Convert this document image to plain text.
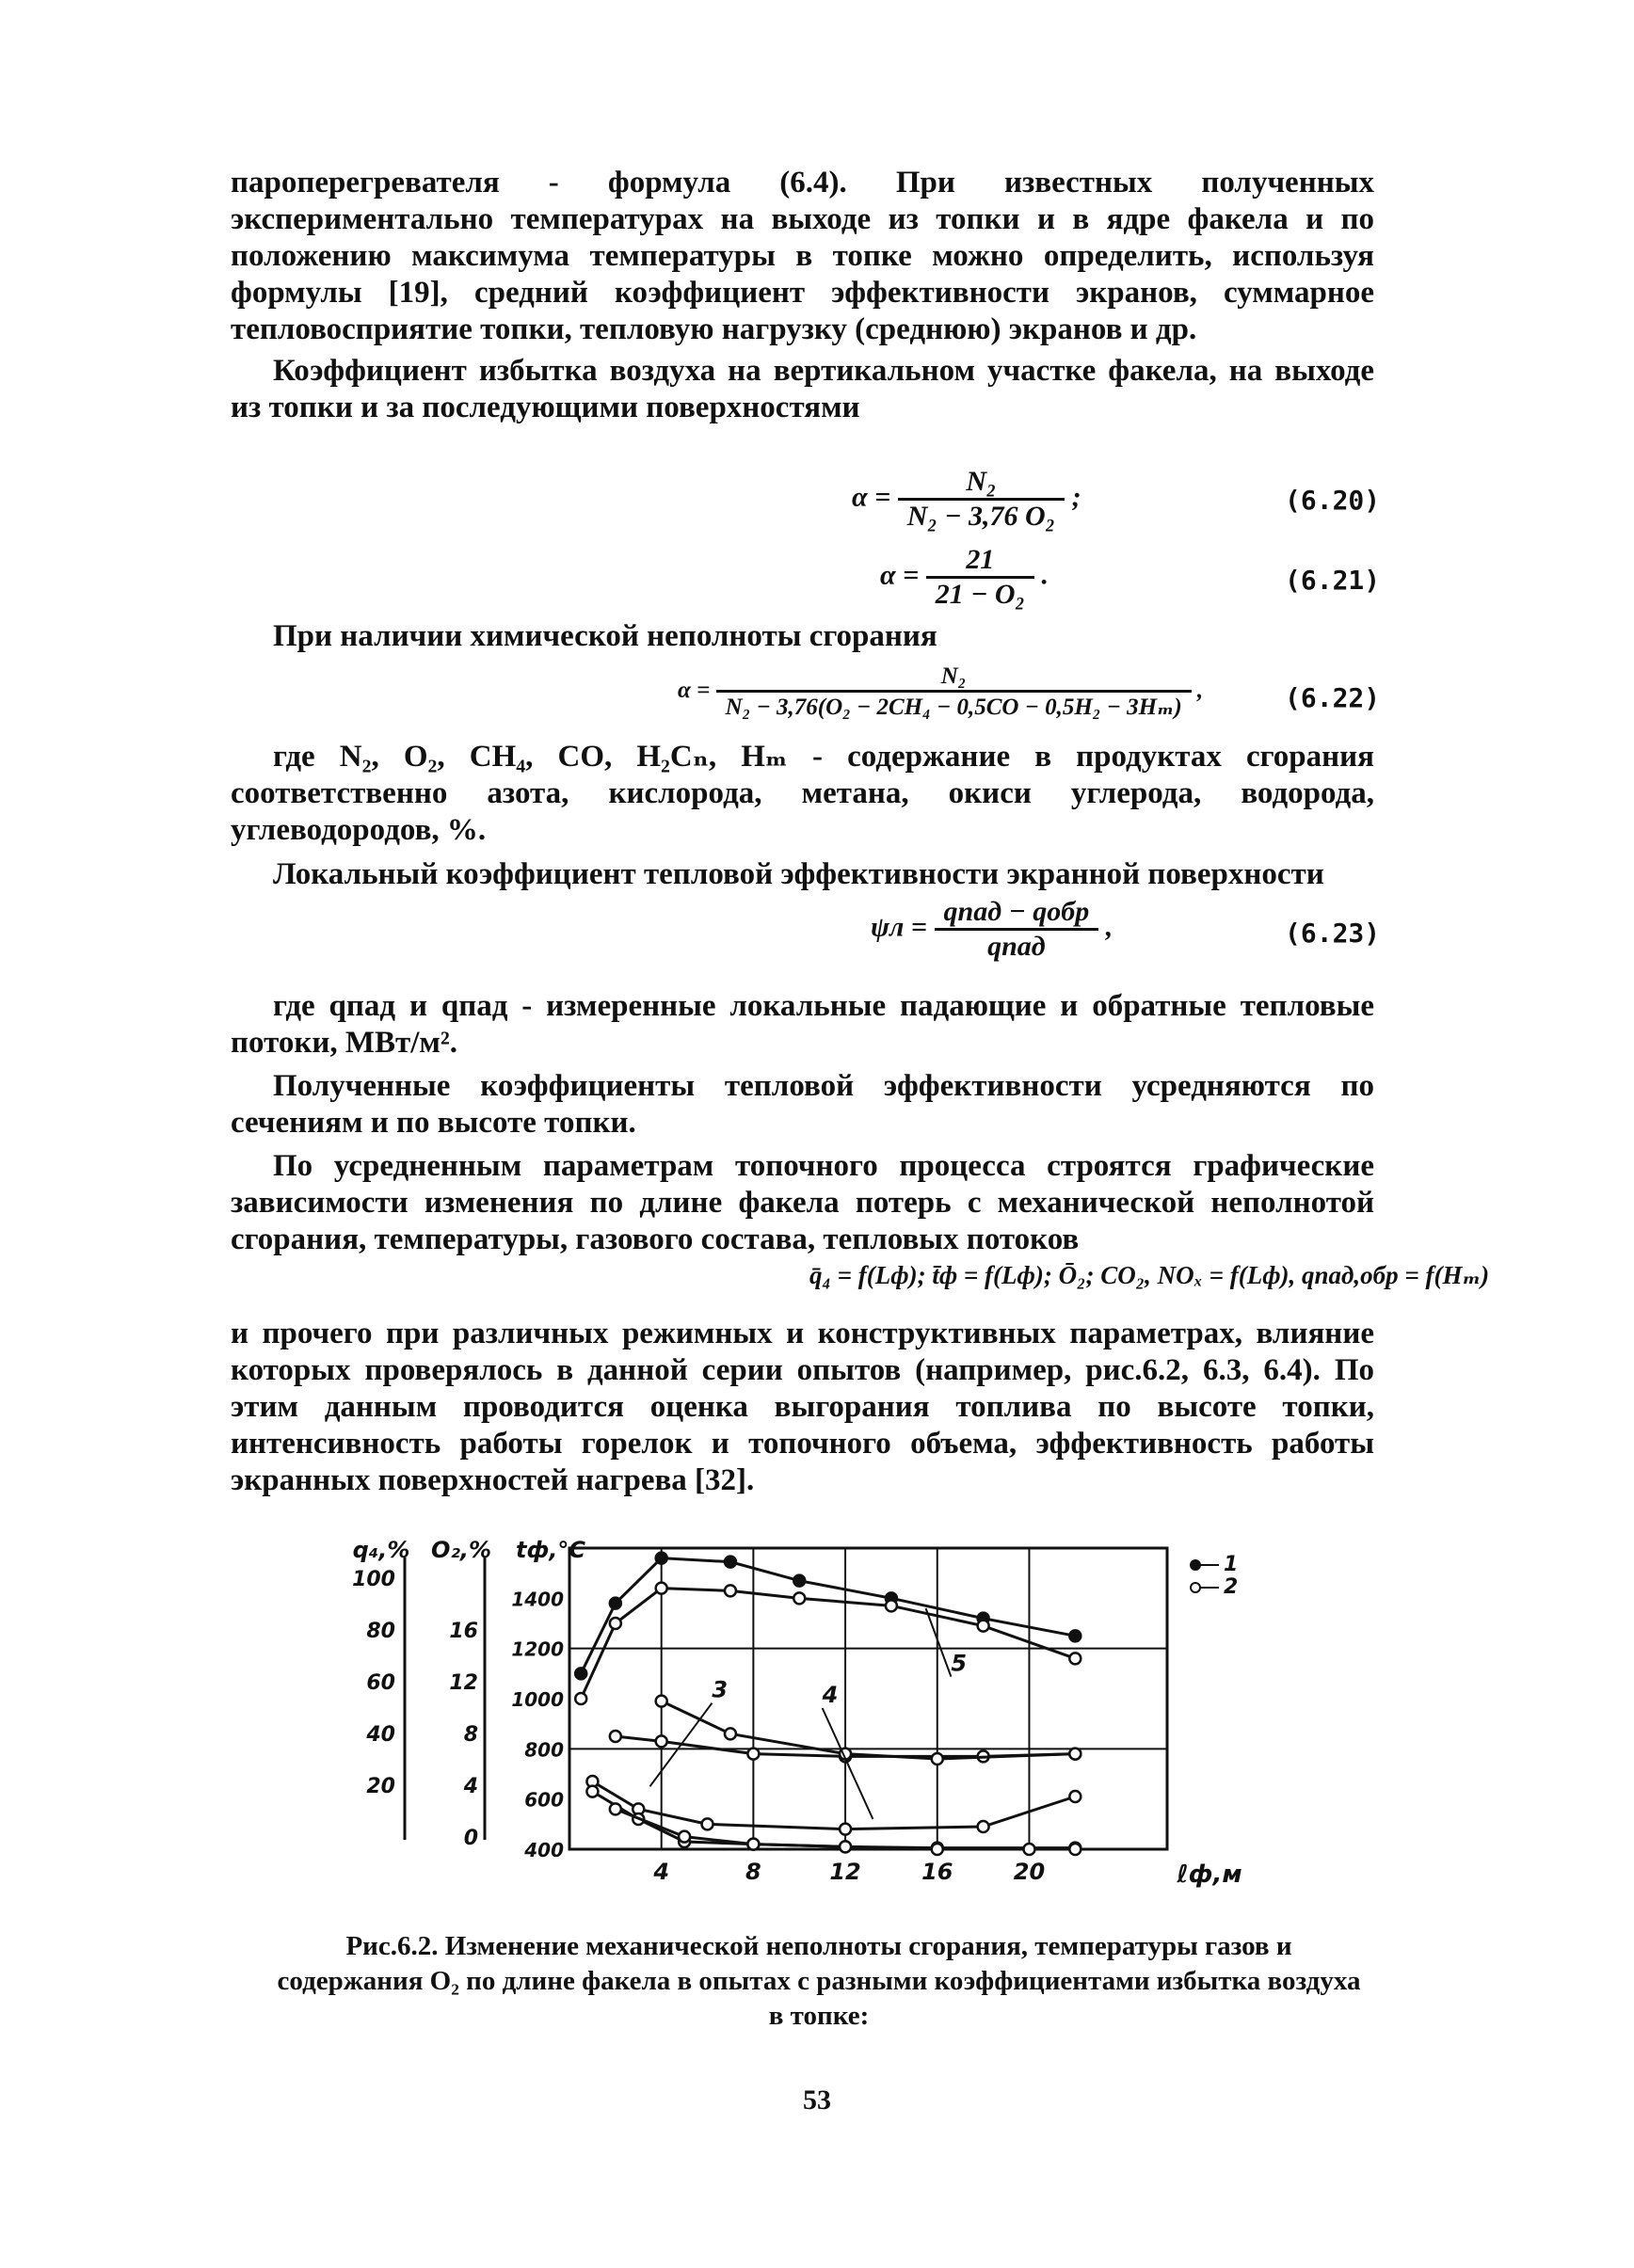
пароперегревателя - формула (6.4). При известных полученных экспериментально температурах на выходе из топки и в ядре факела и по положению максимума температуры в топке можно определить, используя формулы [19], средний коэффициент эффективности экранов, суммарное тепловосприятие топки, тепловую нагрузку (среднюю) экранов и др.
Коэффициент избытка воздуха на вертикальном участке факела, на выходе из топки и за последующими поверхностями
$\alpha = \frac{\text{N₂}}{\text{N₂ − 3,76 O₂}}$ ;	(6.20)
$\alpha = \frac{21}{\text{21 − O₂}}$ .	(6.21)
При наличии химической неполноты сгорания
$\alpha = \frac{\text{N₂}}{\text{N₂ − 3,76(O₂ − 2CH₄ − 0,5CO − 0,5H₂ − 3Hₘ)}}$ ,	(6.22)
где N₂, O₂, CH₄, CO, H₂Cₙ, Hₘ - содержание в продуктах сгорания соответственно азота, кислорода, метана, окиси углерода, водорода, углеводородов, %.
Локальный коэффициент тепловой эффективности экранной поверхности
$\psi л = \frac{\text{qпад − qобр}}{\text{qпад}}$ ,	(6.23)
где qпад и qпад - измеренные локальные падающие и обратные тепловые потоки, МВт/м².
Полученные коэффициенты тепловой эффективности усредняются по сечениям и по высоте топки.
По усредненным параметрам топочного процесса строятся графические зависимости изменения по длине факела потерь с механической неполнотой сгорания, температуры, газового состава, тепловых потоков
q̄₄ = f(Lф); t̄ф = f(Lф); Ō₂; CO₂, NOₓ = f(Lф), qпад,обр = f(Hₘ)
и прочего при различных режимных и конструктивных параметрах, влияние которых проверялось в данной серии опытов (например, рис.6.2, 6.3, 6.4). По этим данным проводится оценка выгорания топлива по высоте топки, интенсивность работы горелок и топочного объема, эффективность работы экранных поверхностей нагрева [32].
4	8	12	16	20	ℓф,м
q₄,% O₂,% tф,°C
100
80
60
40
20
16
12
8
4
0
1400
1200
1000
800
600
400
1
2
3	4
5
Рис.6.2. Изменение механической неполноты сгорания, температуры газов и
содержания O₂ по длине факела в опытах с разными коэффициентами избытка воздуха
в топке:
53
